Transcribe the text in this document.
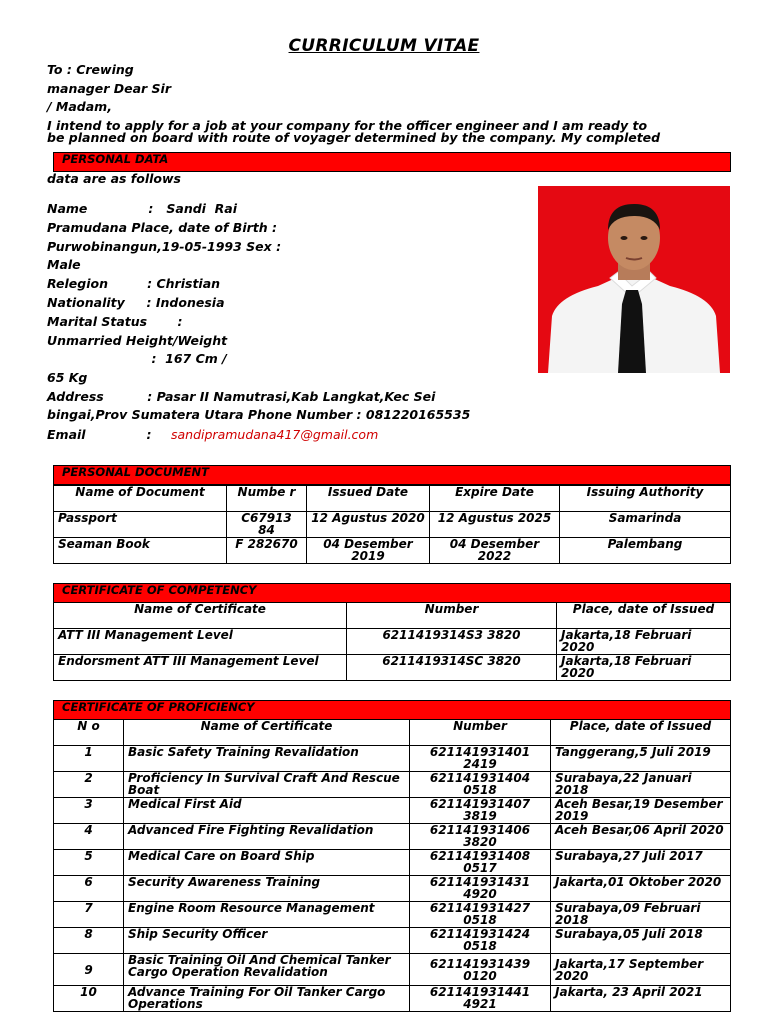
CURRICULUM VITAE
To : Crewing
manager Dear Sir
/ Madam,
I intend to apply for a job at your company for the officer engineer and I am ready to
be planned on board with route of voyager determined by the company. My completed
PERSONAL DATA
data are as follows
Name              :   Sandi  Rai
Pramudana Place, date of Birth :
Purwobinangun,19-05-1993 Sex :
Male
Relegion         : Christian
Nationality     : Indonesia
Marital Status       :
Unmarried Height/Weight
:  167 Cm /
65 Kg
Address          : Pasar II Namutrasi,Kab Langkat,Kec Sei
bingai,Prov Sumatera Utara Phone Number : 081220165535
Email              : sandipramudana417@gmail.com
PERSONAL DOCUMENT
Name of Document	Numbe r	Issued Date	Expire Date	Issuing Authority
Passport	C67913 84	12 Agustus 2020	12 Agustus 2025	Samarinda
Seaman Book	F 282670	04 Desember 2019	04 Desember 2022	Palembang
CERTIFICATE OF COMPETENCY
Name of Certificate	Number	Place, date of Issued
ATT III Management Level	6211419314S3 3820	Jakarta,18 Februari 2020
Endorsment ATT III Management Level	6211419314SC 3820	Jakarta,18 Februari 2020
CERTIFICATE OF PROFICIENCY
N o	Name of Certificate	Number	Place, date of Issued
1	Basic Safety Training Revalidation	621141931401 2419	Tanggerang,5 Juli 2019
2	Proficiency In Survival Craft And Rescue Boat	621141931404 0518	Surabaya,22 Januari 2018
3	Medical First Aid	621141931407 3819	Aceh Besar,19 Desember 2019
4	Advanced Fire Fighting Revalidation	621141931406 3820	Aceh Besar,06 April 2020
5	Medical Care on Board Ship	621141931408 0517	Surabaya,27 Juli 2017
6	Security Awareness Training	621141931431 4920	Jakarta,01 Oktober 2020
7	Engine Room Resource Management	621141931427 0518	Surabaya,09 Februari 2018
8	Ship Security Officer	621141931424 0518	Surabaya,05 Juli 2018
9	Basic Training Oil And Chemical Tanker Cargo Operation Revalidation	621141931439 0120	Jakarta,17 September 2020
10	Advance Training For Oil Tanker Cargo Operations	621141931441 4921	Jakarta, 23 April 2021
